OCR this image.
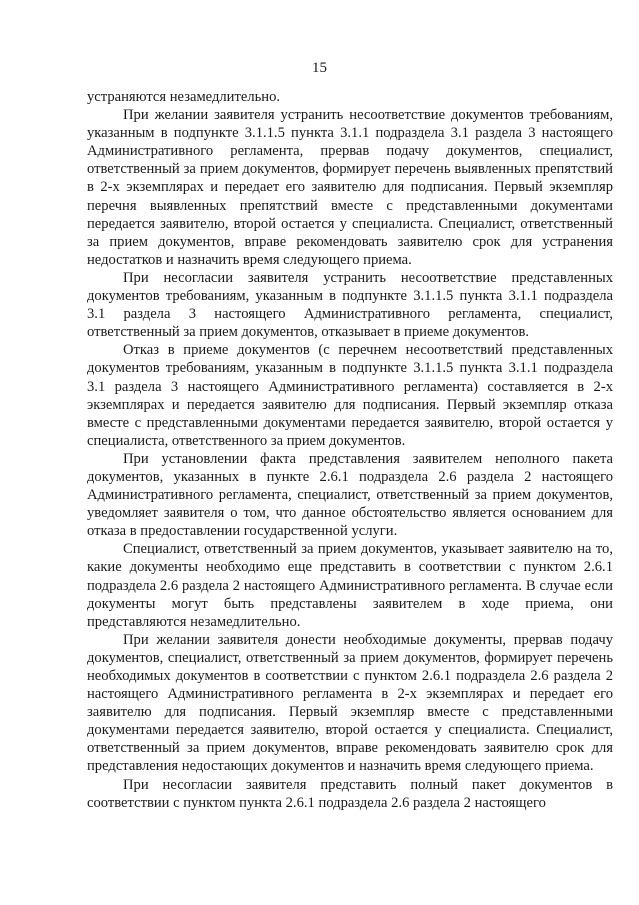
15

устраняются незамедлительно.

При желании заявителя устранить несоответствие документов требованиям, указанным в подпункте 3.1.1.5 пункта 3.1.1 подраздела 3.1 раздела 3 настоящего Административного регламента, прервав подачу документов, специалист, ответственный за прием документов, формирует перечень выявленных препятствий в 2-х экземплярах и передает его заявителю для подписания. Первый экземпляр перечня выявленных препятствий вместе с представленными документами передается заявителю, второй остается у специалиста. Специалист, ответственный за прием документов, вправе рекомендовать заявителю срок для устранения недостатков и назначить время следующего приема.

При несогласии заявителя устранить несоответствие представленных документов требованиям, указанным в подпункте 3.1.1.5 пункта 3.1.1 подраздела 3.1 раздела 3 настоящего Административного регламента, специалист, ответственный за прием документов, отказывает в приеме документов.

Отказ в приеме документов (с перечнем несоответствий представленных документов требованиям, указанным в подпункте 3.1.1.5 пункта 3.1.1 подраздела 3.1 раздела 3 настоящего Административного регламента) составляется в 2-х экземплярах и передается заявителю для подписания. Первый экземпляр отказа вместе с представленными документами передается заявителю, второй остается у специалиста, ответственного за прием документов.

При установлении факта представления заявителем неполного пакета документов, указанных в пункте 2.6.1 подраздела 2.6 раздела 2 настоящего Административного регламента, специалист, ответственный за прием документов, уведомляет заявителя о том, что данное обстоятельство является основанием для отказа в предоставлении государственной услуги.

Специалист, ответственный за прием документов, указывает заявителю на то, какие документы необходимо еще представить в соответствии с пунктом 2.6.1 подраздела 2.6 раздела 2 настоящего Административного регламента. В случае если документы могут быть представлены заявителем в ходе приема, они представляются незамедлительно.

При желании заявителя донести необходимые документы, прервав подачу документов, специалист, ответственный за прием документов, формирует перечень необходимых документов в соответствии с пунктом 2.6.1 подраздела 2.6 раздела 2 настоящего Административного регламента в 2-х экземплярах и передает его заявителю для подписания. Первый экземпляр вместе с представленными документами передается заявителю, второй остается у специалиста. Специалист, ответственный за прием документов, вправе рекомендовать заявителю срок для представления недостающих документов и назначить время следующего приема.

При несогласии заявителя представить полный пакет документов в соответствии с пунктом пункта 2.6.1 подраздела 2.6 раздела 2 настоящего
